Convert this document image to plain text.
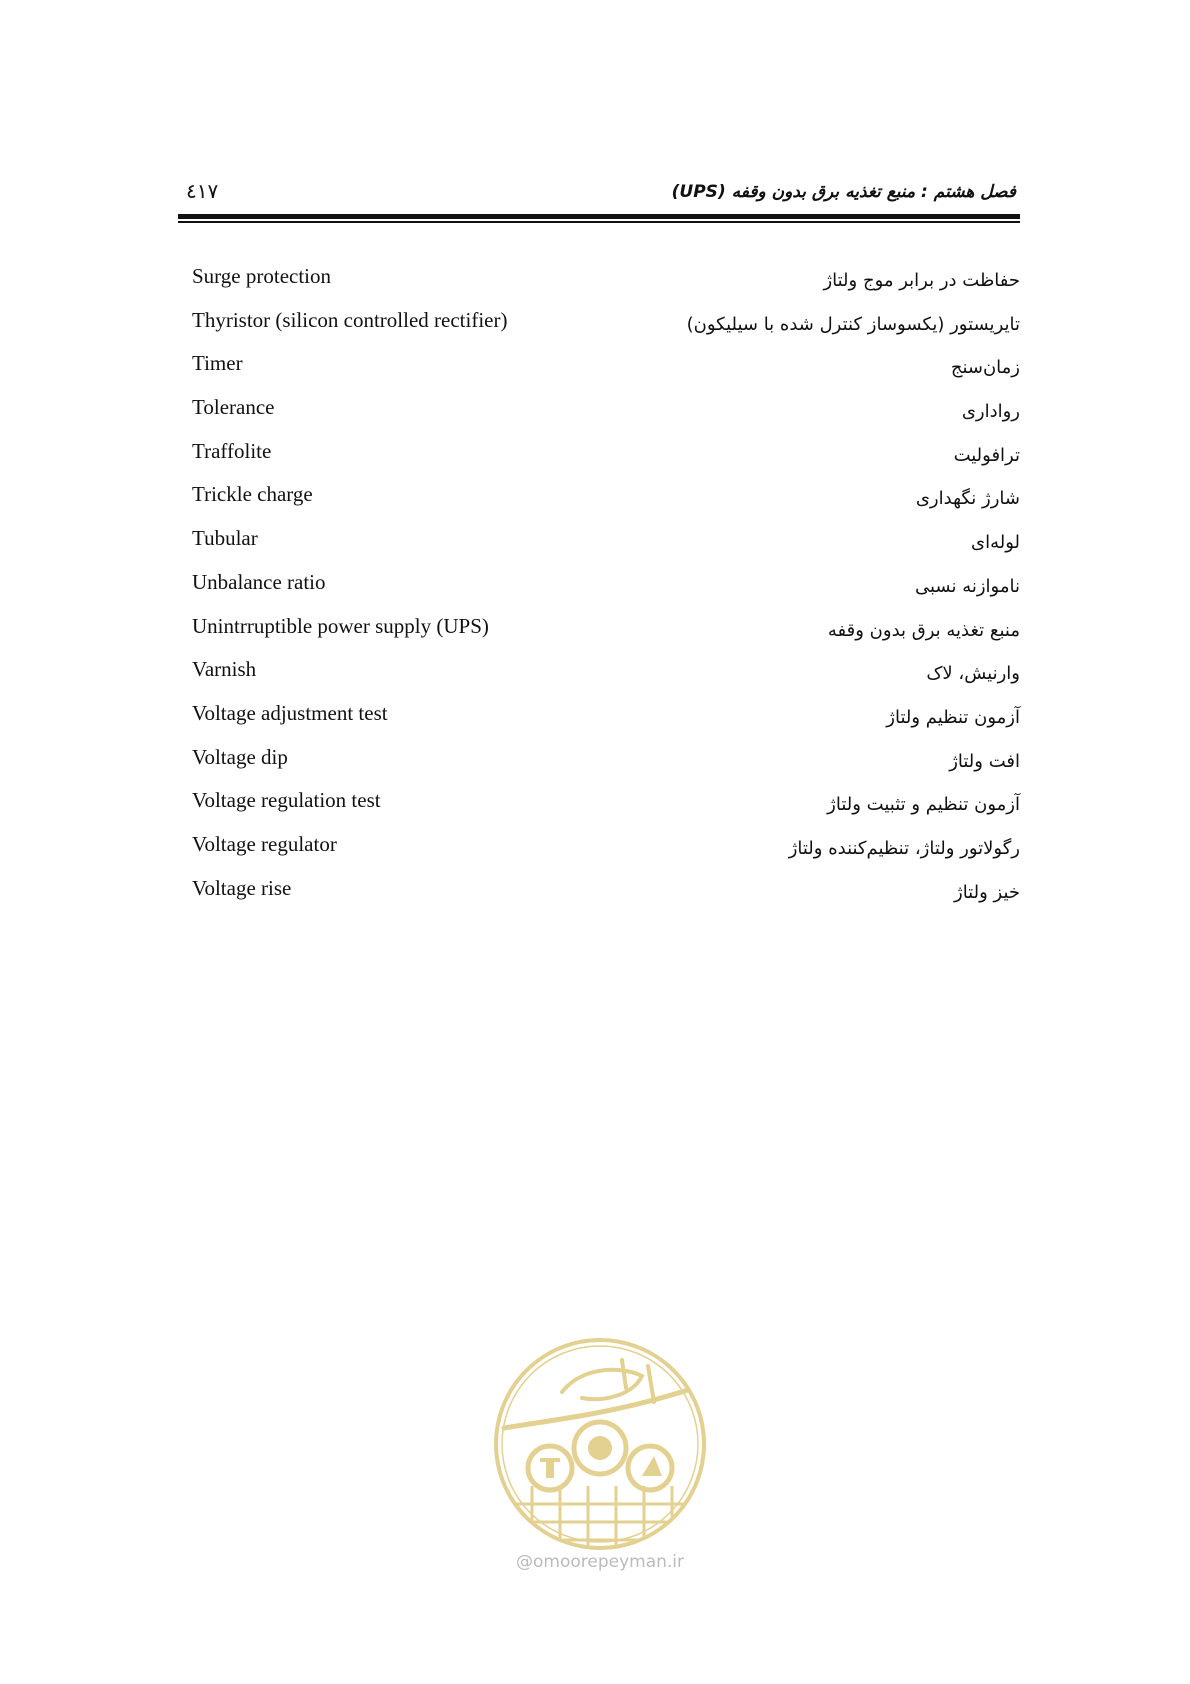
٤١٧	فصل هشتم : منبع تغذیه برق بدون وقفه (UPS)
Surge protection	حفاظت در برابر موج ولتاژ
Thyristor (silicon controlled rectifier)	تایریستور (یکسوساز کنترل شده با سیلیکون)
Timer	زمان‌سنج
Tolerance	رواداری
Traffolite	ترافولیت
Trickle charge	شارژ نگهداری
Tubular	لوله‌ای
Unbalance ratio	ناموازنه نسبی
Unintrruptible power supply (UPS)	منبع تغذیه برق بدون وقفه
Varnish	وارنیش، لاک
Voltage adjustment test	آزمون تنظیم ولتاژ
Voltage dip	افت ولتاژ
Voltage regulation test	آزمون تنظیم و تثبیت ولتاژ
Voltage regulator	رگولاتور ولتاژ، تنظیم‌کننده ولتاژ
Voltage rise	خیز ولتاژ
@omoorepeyman.ir
